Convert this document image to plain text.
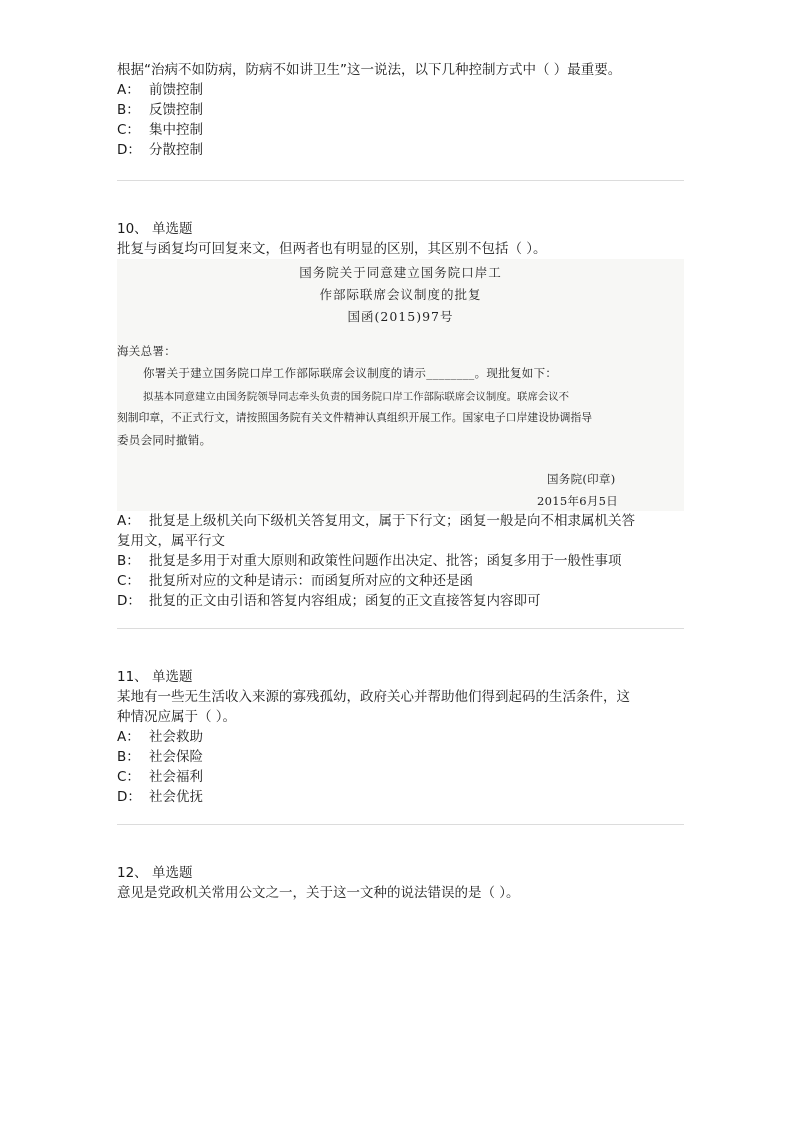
根据“治病不如防病，防病不如讲卫生”这一说法，以下几种控制方式中（ ）最重要。

A： 前馈控制

B： 反馈控制

C： 集中控制

D： 分散控制

10、 单选题

批复与函复均可回复来文，但两者也有明显的区别，其区别不包括（ ）。

国务院关于同意建立国务院口岸工
作部际联席会议制度的批复
国函(2015)97号
海关总署：
你署关于建立国务院口岸工作部际联席会议制度的请示________。现批复如下：
拟基本同意建立由国务院领导同志牵头负责的国务院口岸工作部际联席会议制度。联席会议不
刻制印章，不正式行文，请按照国务院有关文件精神认真组织开展工作。国家电子口岸建设协调指导
委员会同时撤销。
国务院(印章)
2015年6月5日

A： 批复是上级机关向下级机关答复用文，属于下行文；函复一般是向不相隶属机关答

复用文，属平行文

B： 批复是多用于对重大原则和政策性问题作出决定、批答；函复多用于一般性事项

C： 批复所对应的文种是请示：而函复所对应的文种还是函

D： 批复的正文由引语和答复内容组成；函复的正文直接答复内容即可

11、 单选题

某地有一些无生活收入来源的寡残孤幼，政府关心并帮助他们得到起码的生活条件，这

种情况应属于（ ）。

A： 社会救助

B： 社会保险

C： 社会福利

D： 社会优抚

12、 单选题

意见是党政机关常用公文之一，关于这一文种的说法错误的是（ ）。
